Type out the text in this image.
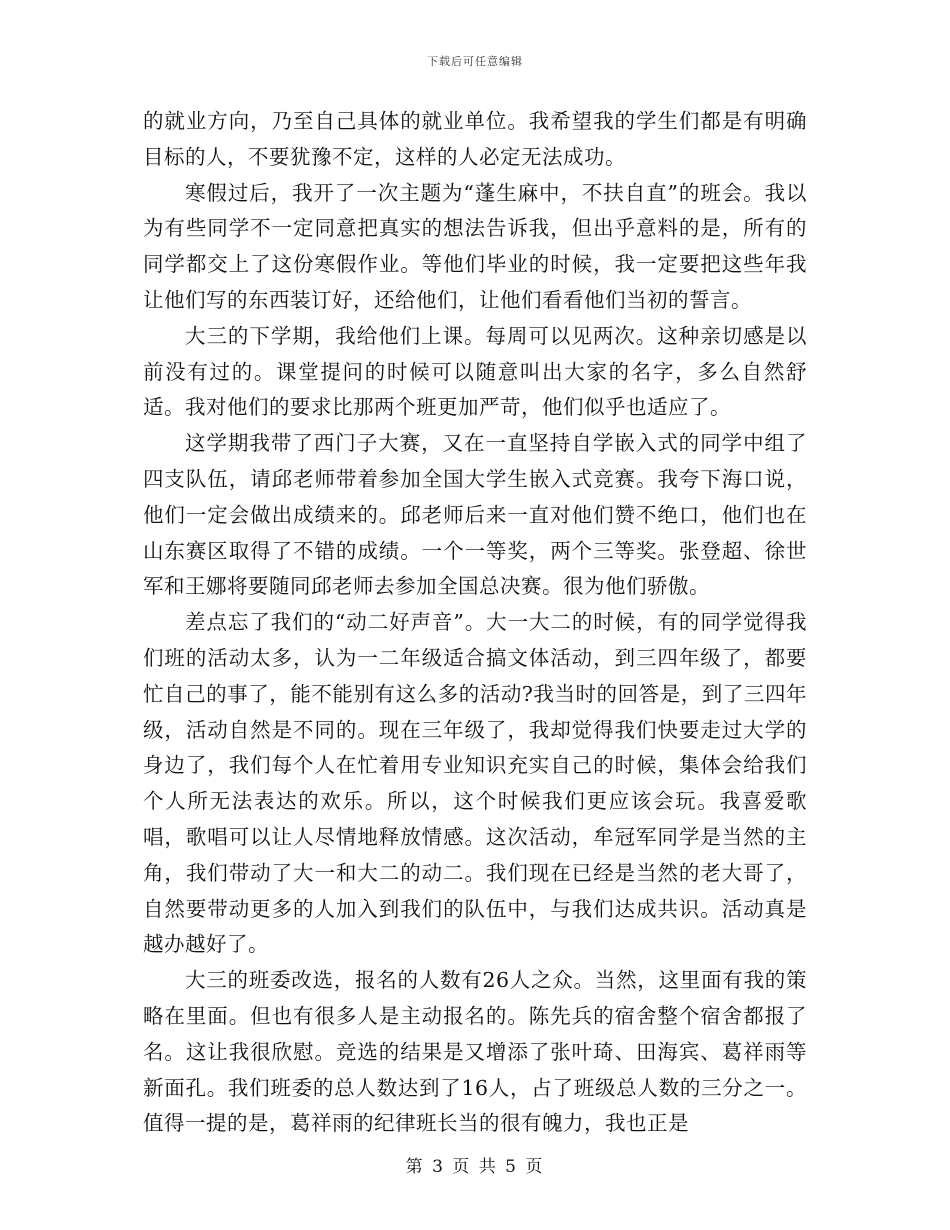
下载后可任意编辑

的就业方向，乃至自己具体的就业单位。我希望我的学生们都是有明确目标的人，不要犹豫不定，这样的人必定无法成功。

寒假过后，我开了一次主题为“蓬生麻中，不扶自直”的班会。我以为有些同学不一定同意把真实的想法告诉我，但出乎意料的是，所有的同学都交上了这份寒假作业。等他们毕业的时候，我一定要把这些年我让他们写的东西装订好，还给他们，让他们看看他们当初的誓言。

大三的下学期，我给他们上课。每周可以见两次。这种亲切感是以前没有过的。课堂提问的时候可以随意叫出大家的名字，多么自然舒适。我对他们的要求比那两个班更加严苛，他们似乎也适应了。

这学期我带了西门子大赛，又在一直坚持自学嵌入式的同学中组了四支队伍，请邱老师带着参加全国大学生嵌入式竞赛。我夸下海口说，他们一定会做出成绩来的。邱老师后来一直对他们赞不绝口，他们也在山东赛区取得了不错的成绩。一个一等奖，两个三等奖。张登超、徐世军和王娜将要随同邱老师去参加全国总决赛。很为他们骄傲。

差点忘了我们的“动二好声音”。大一大二的时候，有的同学觉得我们班的活动太多，认为一二年级适合搞文体活动，到三四年级了，都要忙自己的事了，能不能别有这么多的活动?我当时的回答是，到了三四年级，活动自然是不同的。现在三年级了，我却觉得我们快要走过大学的身边了，我们每个人在忙着用专业知识充实自己的时候，集体会给我们个人所无法表达的欢乐。所以，这个时候我们更应该会玩。我喜爱歌唱，歌唱可以让人尽情地释放情感。这次活动，牟冠军同学是当然的主角，我们带动了大一和大二的动二。我们现在已经是当然的老大哥了，自然要带动更多的人加入到我们的队伍中，与我们达成共识。活动真是越办越好了。

大三的班委改选，报名的人数有26人之众。当然，这里面有我的策略在里面。但也有很多人是主动报名的。陈先兵的宿舍整个宿舍都报了名。这让我很欣慰。竞选的结果是又增添了张叶琦、田海宾、葛祥雨等新面孔。我们班委的总人数达到了16人，占了班级总人数的三分之一。值得一提的是，葛祥雨的纪律班长当的很有魄力，我也正是

第 3 页 共 5 页
